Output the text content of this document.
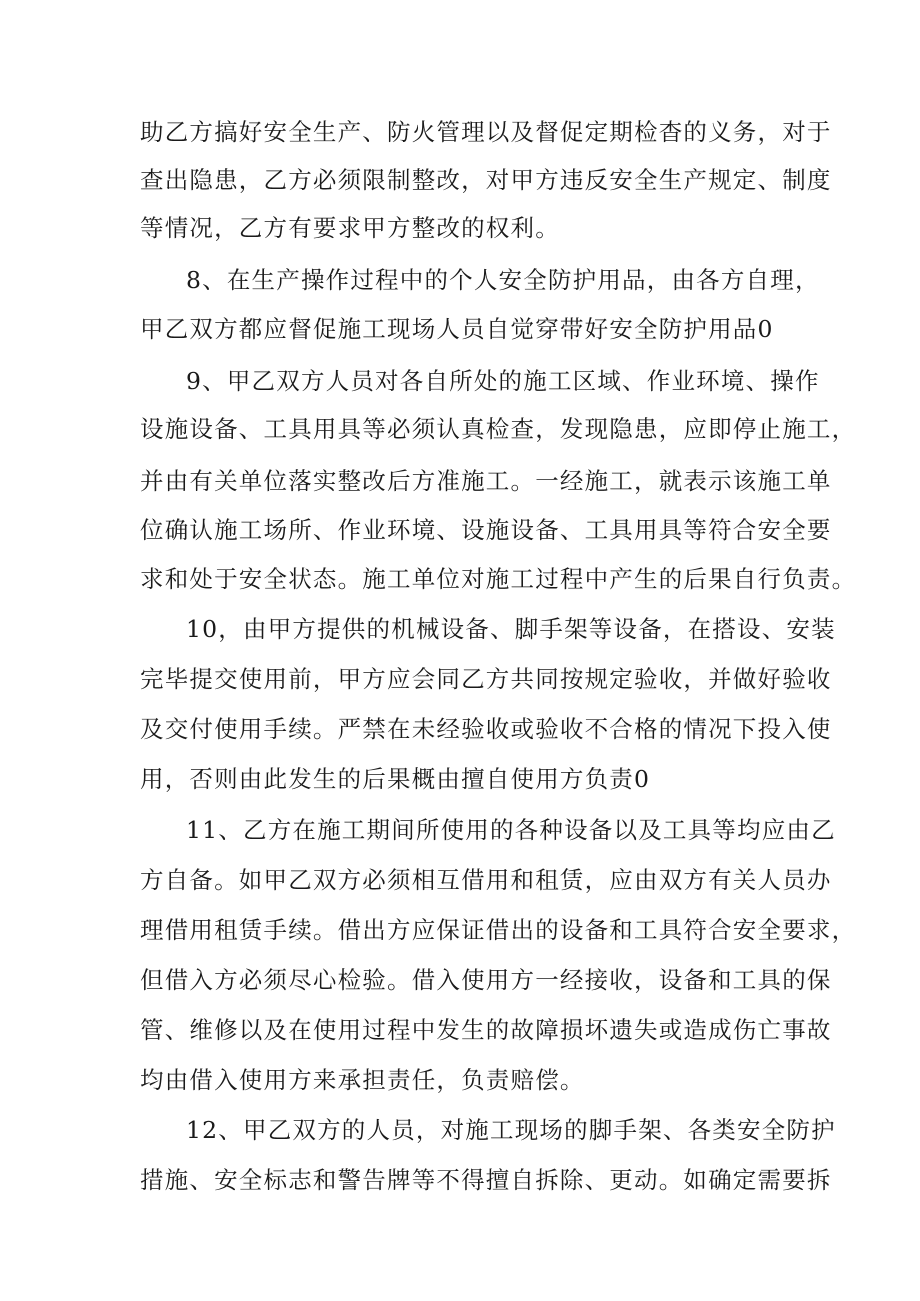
助乙方搞好安全生产、防火管理以及督促定期检杳的义务，对于
查出隐患，乙方必须限制整改，对甲方违反安全生产规定、制度
等情况，乙方有要求甲方整改的权利。
8、在生产操作过程中的个人安全防护用品，由各方自理，
甲乙双方都应督促施工现场人员自觉穿带好安全防护用品0
9、甲乙双方人员对各自所处的施工区域、作业环境、操作
设施设备、工具用具等必须认真检查，发现隐患，应即停止施工，
并由有关单位落实整改后方准施工。一经施工，就表示该施工单
位确认施工场所、作业环境、设施设备、工具用具等符合安全要
求和处于安全状态。施工单位对施工过程中产生的后果自行负责。
10，由甲方提供的机械设备、脚手架等设备，在搭设、安装
完毕提交使用前，甲方应会同乙方共同按规定验收，并做好验收
及交付使用手续。严禁在未经验收或验收不合格的情况下投入使
用，否则由此发生的后果概由擅自使用方负责0
11、乙方在施工期间所使用的各种设备以及工具等均应由乙
方自备。如甲乙双方必须相互借用和租赁，应由双方有关人员办
理借用租赁手续。借出方应保证借出的设备和工具符合安全要求，
但借入方必须尽心检验。借入使用方一经接收，设备和工具的保
管、维修以及在使用过程中发生的故障损坏遗失或造成伤亡事故
均由借入使用方来承担责任，负责赔偿。
12、甲乙双方的人员，对施工现场的脚手架、各类安全防护
措施、安全标志和警告牌等不得擅自拆除、更动。如确定需要拆
